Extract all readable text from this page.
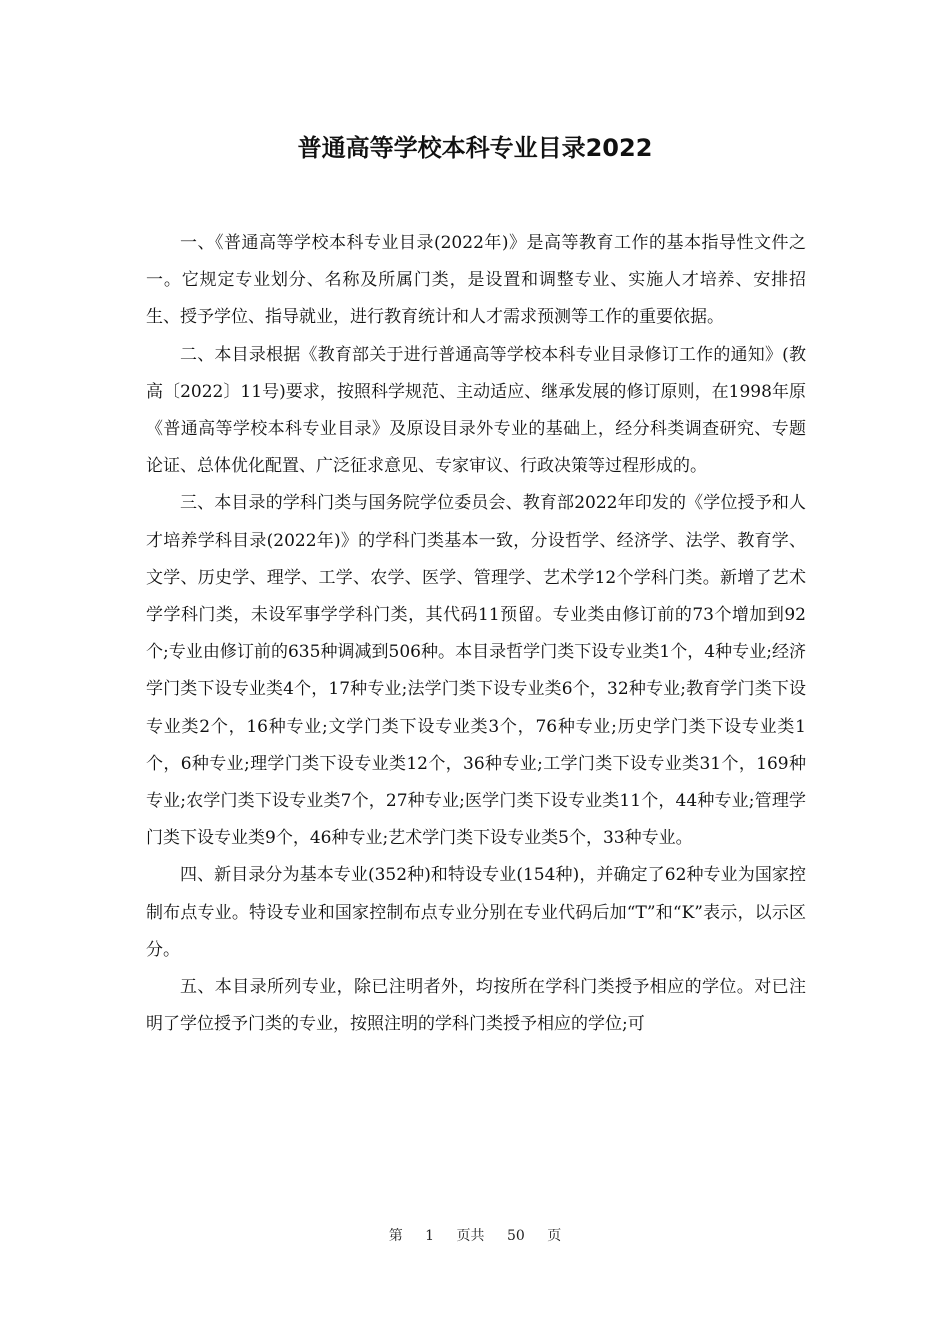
普通高等学校本科专业目录2022

一、《普通高等学校本科专业目录(2022年)》是高等教育工作的基本指导性文件之一。它规定专业划分、名称及所属门类，是设置和调整专业、实施人才培养、安排招生、授予学位、指导就业，进行教育统计和人才需求预测等工作的重要依据。

二、本目录根据《教育部关于进行普通高等学校本科专业目录修订工作的通知》(教高〔2022〕11号)要求，按照科学规范、主动适应、继承发展的修订原则，在1998年原《普通高等学校本科专业目录》及原设目录外专业的基础上，经分科类调查研究、专题论证、总体优化配置、广泛征求意见、专家审议、行政决策等过程形成的。

三、本目录的学科门类与国务院学位委员会、教育部2022年印发的《学位授予和人才培养学科目录(2022年)》的学科门类基本一致，分设哲学、经济学、法学、教育学、文学、历史学、理学、工学、农学、医学、管理学、艺术学12个学科门类。新增了艺术学学科门类，未设军事学学科门类，其代码11预留。专业类由修订前的73个增加到92个;专业由修订前的635种调减到506种。本目录哲学门类下设专业类1个，4种专业;经济学门类下设专业类4个，17种专业;法学门类下设专业类6个，32种专业;教育学门类下设专业类2个，16种专业;文学门类下设专业类3个，76种专业;历史学门类下设专业类1个，6种专业;理学门类下设专业类12个，36种专业;工学门类下设专业类31个，169种专业;农学门类下设专业类7个，27种专业;医学门类下设专业类11个，44种专业;管理学门类下设专业类9个，46种专业;艺术学门类下设专业类5个，33种专业。

四、新目录分为基本专业(352种)和特设专业(154种)，并确定了62种专业为国家控制布点专业。特设专业和国家控制布点专业分别在专业代码后加“T”和“K”表示，以示区分。

五、本目录所列专业，除已注明者外，均按所在学科门类授予相应的学位。对已注明了学位授予门类的专业，按照注明的学科门类授予相应的学位;可

第 1 页共 50 页
